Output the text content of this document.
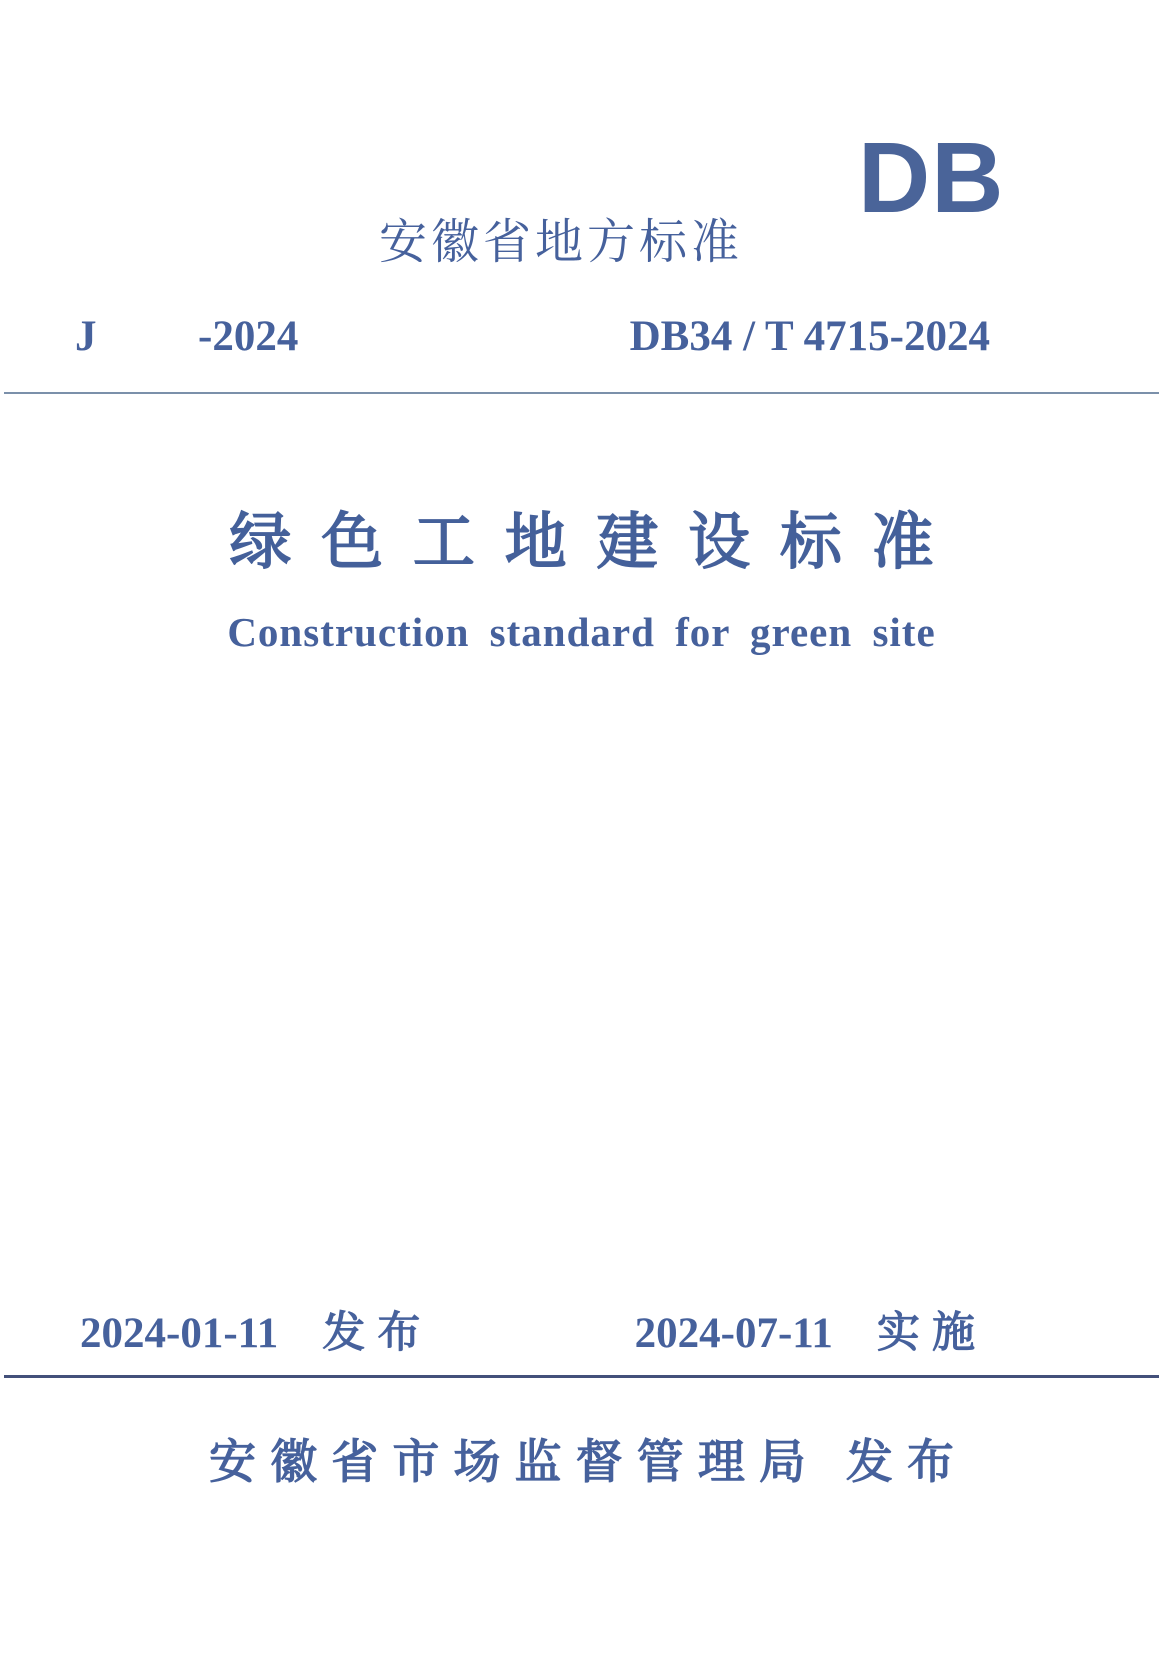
DB
安徽省地方标准
J -2024	DB34 / T 4715-2024
绿色工地建设标准
Construction standard for green site
2024-01-11 发布	2024-07-11 实施
安徽省市场监督管理局 发布
